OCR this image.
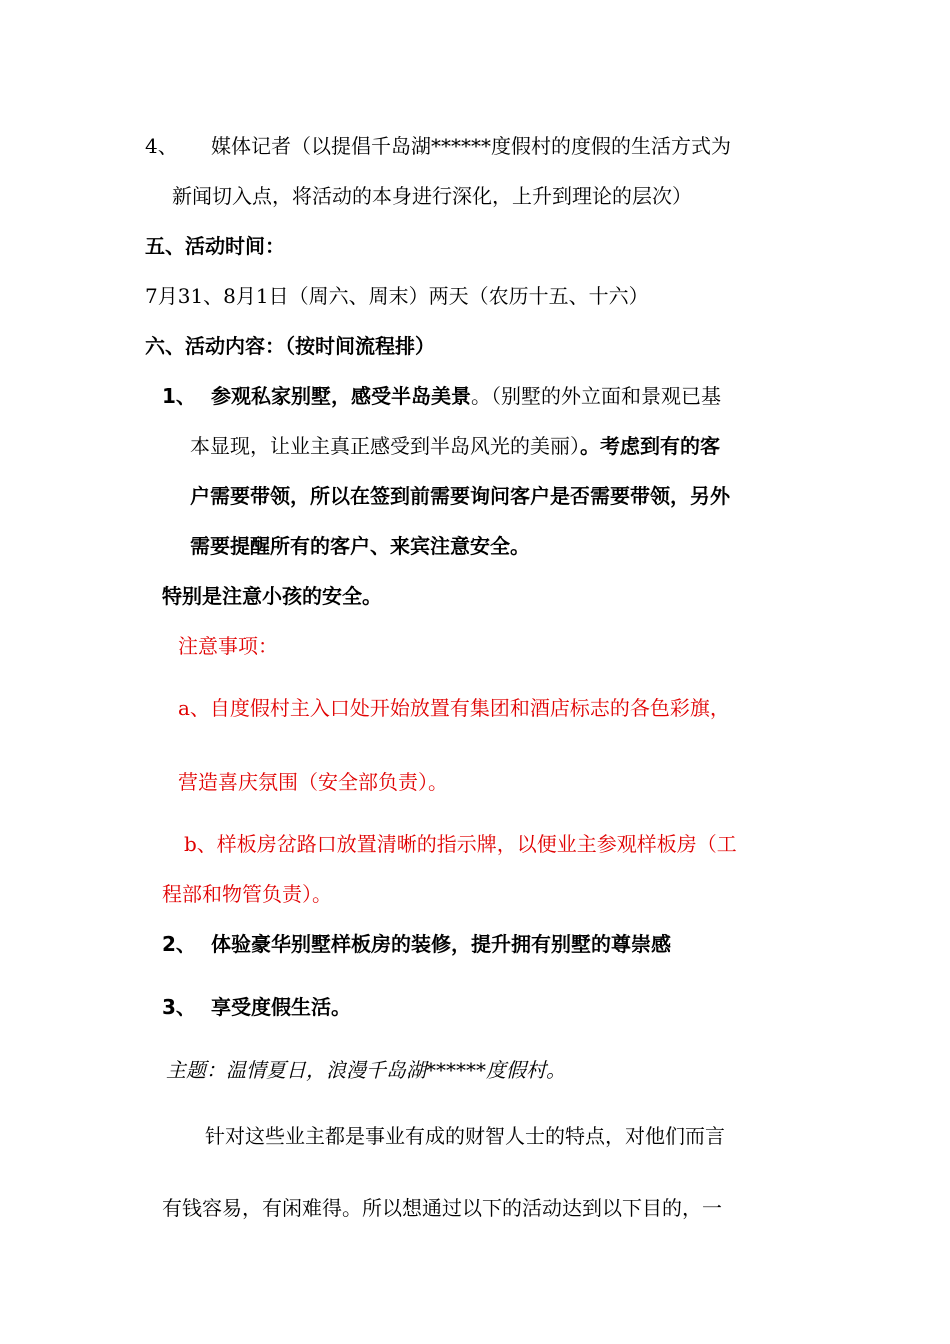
4、 媒体记者（以提倡千岛湖******度假村的度假的生活方式为
新闻切入点，将活动的本身进行深化，上升到理论的层次）
五、活动时间：
7月31、8月1日（周六、周末）两天（农历十五、十六）
六、活动内容：（按时间流程排）
1、 参观私家别墅，感受半岛美景。（别墅的外立面和景观已基
本显现，让业主真正感受到半岛风光的美丽）。考虑到有的客
户需要带领，所以在签到前需要询问客户是否需要带领，另外
需要提醒所有的客户、来宾注意安全。
特别是注意小孩的安全。
注意事项：
a、自度假村主入口处开始放置有集团和酒店标志的各色彩旗，
营造喜庆氛围（安全部负责）。
b、样板房岔路口放置清晰的指示牌，以便业主参观样板房（工
程部和物管负责）。
2、 体验豪华别墅样板房的装修，提升拥有别墅的尊崇感
3、 享受度假生活。
主题：温情夏日，浪漫千岛湖******度假村。
针对这些业主都是事业有成的财智人士的特点，对他们而言
有钱容易，有闲难得。所以想通过以下的活动达到以下目的，一
